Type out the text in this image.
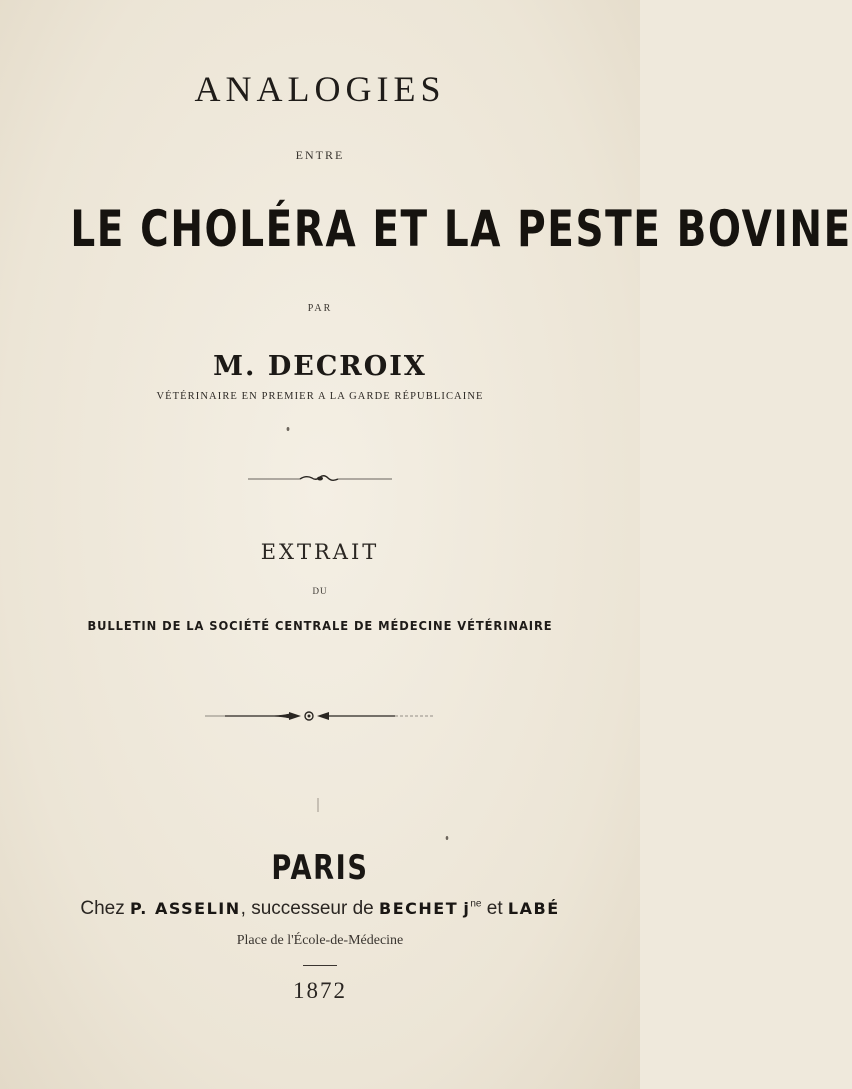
ANALOGIES
ENTRE
LE CHOLÉRA ET LA PESTE BOVINE
PAR
M. DECROIX
VÉTÉRINAIRE EN PREMIER A LA GARDE RÉPUBLICAINE
EXTRAIT
DU
BULLETIN DE LA SOCIÉTÉ CENTRALE DE MÉDECINE VÉTÉRINAIRE
PARIS
Chez P. ASSELIN, successeur de BECHET $j^{ne}$ et LABÉ
Place de l'École-de-Médecine
1872
